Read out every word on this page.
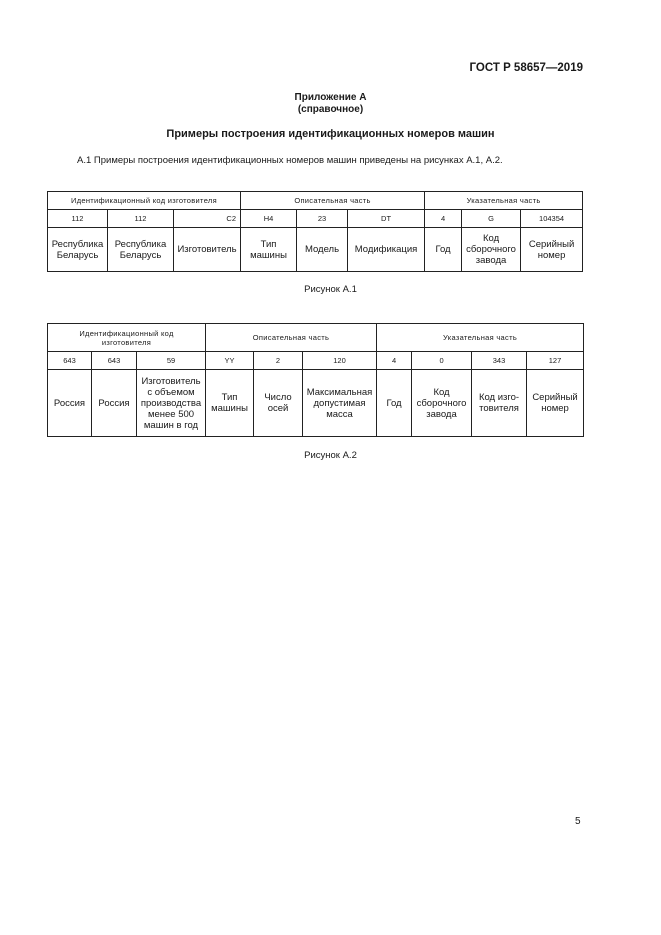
ГОСТ Р 58657—2019
Приложение А
(справочное)
Примеры построения идентификационных номеров машин
А.1 Примеры построения идентификационных номеров машин приведены на рисунках А.1, А.2.
Идентификационный код изготовителя			Описательная часть			Указательная часть		
112	112	С2	Н4	23	DT	4	G	104354
Республика Беларусь	Республика Беларусь	Изготовитель	Тип машины	Модель	Модификация	Год	Код сборочного завода	Серийный номер
Рисунок А.1
Идентификационный код изготовителя			Описательная часть			Указательная часть			
643	643	59	YY	2	120	4	0	343	127
Россия	Россия	Изготовитель с объемом производства менее 500 машин в год	Тип машины	Число осей	Максимальная допустимая масса	Год	Код сборочного завода	Код изго-товителя	Серийный номер
Рисунок А.2
5
